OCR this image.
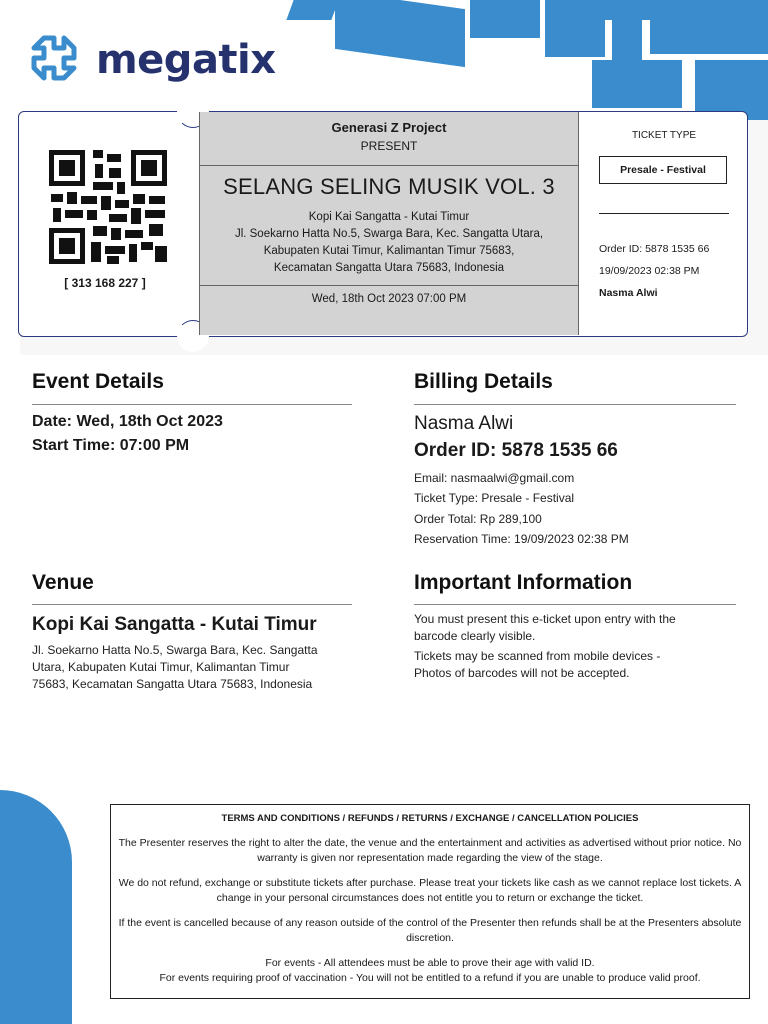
megatix
Generasi Z Project
PRESENT
SELANG SELING MUSIK VOL. 3
Kopi Kai Sangatta - Kutai Timur
Jl. Soekarno Hatta No.5, Swarga Bara, Kec. Sangatta Utara,
Kabupaten Kutai Timur, Kalimantan Timur 75683,
Kecamatan Sangatta Utara 75683, Indonesia
Wed, 18th Oct 2023 07:00 PM
TICKET TYPE
Presale - Festival
Order ID: 5878 1535 66
19/09/2023 02:38 PM
Nasma Alwi
[ 313 168 227 ]
Event Details
Date: Wed, 18th Oct 2023
Start Time: 07:00 PM
Billing Details
Nasma Alwi
Order ID: 5878 1535 66
Email: nasmaalwi@gmail.com
Ticket Type: Presale - Festival
Order Total: Rp 289,100
Reservation Time: 19/09/2023 02:38 PM
Venue
Kopi Kai Sangatta - Kutai Timur
Jl. Soekarno Hatta No.5, Swarga Bara, Kec. Sangatta
Utara, Kabupaten Kutai Timur, Kalimantan Timur
75683, Kecamatan Sangatta Utara 75683, Indonesia
Important Information
You must present this e-ticket upon entry with the
barcode clearly visible.
Tickets may be scanned from mobile devices -
Photos of barcodes will not be accepted.
TERMS AND CONDITIONS / REFUNDS / RETURNS / EXCHANGE / CANCELLATION POLICIES

The Presenter reserves the right to alter the date, the venue and the entertainment and activities as advertised without prior notice. No warranty is given nor representation made regarding the view of the stage.

We do not refund, exchange or substitute tickets after purchase. Please treat your tickets like cash as we cannot replace lost tickets. A change in your personal circumstances does not entitle you to return or exchange the ticket.

If the event is cancelled because of any reason outside of the control of the Presenter then refunds shall be at the Presenters absolute discretion.

For events - All attendees must be able to prove their age with valid ID.
For events requiring proof of vaccination - You will not be entitled to a refund if you are unable to produce valid proof.
